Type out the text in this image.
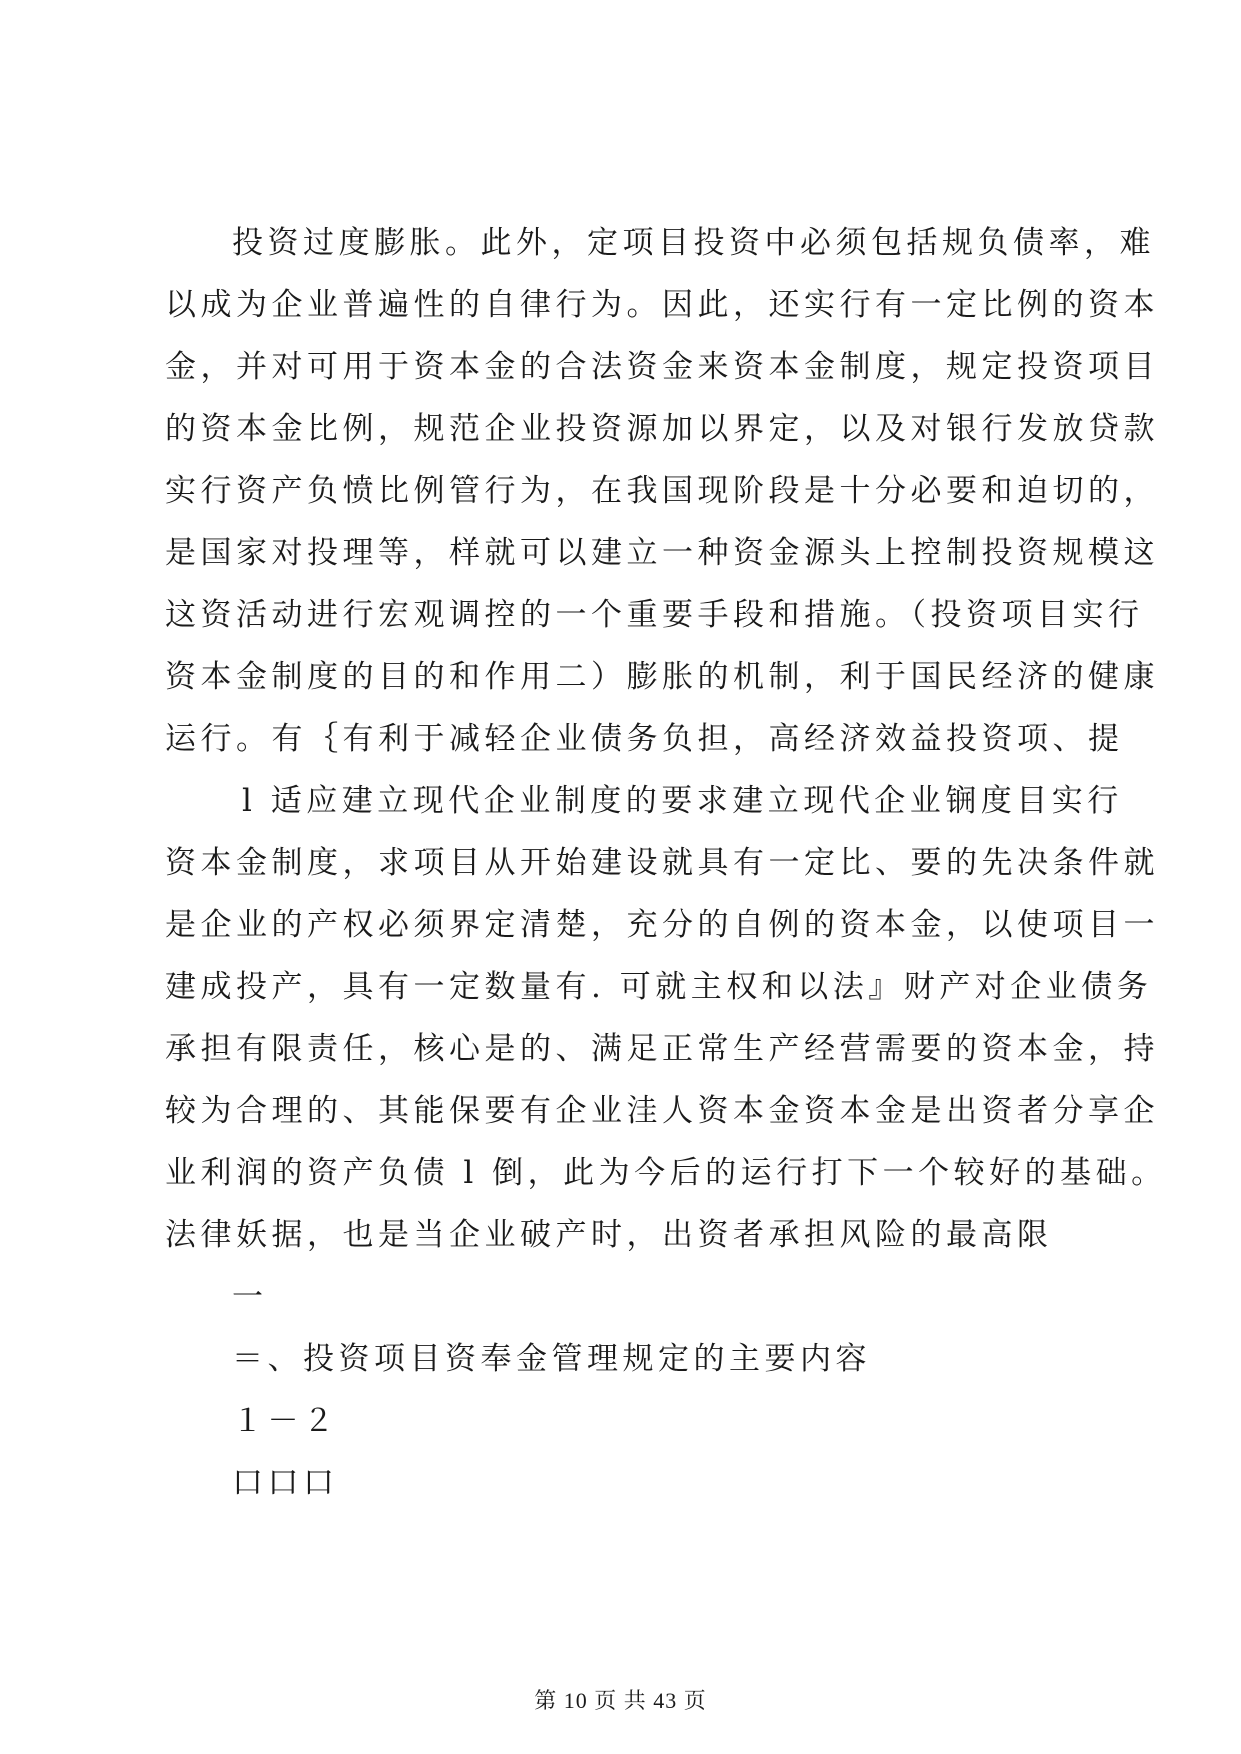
投资过度膨胀。此外，定项目投资中必须包括规负债率，难
以成为企业普遍性的自律行为。因此，还实行有一定比例的资本
金，并对可用于资本金的合法资金来资本金制度，规定投资项目
的资本金比例，规范企业投资源加以界定，以及对银行发放贷款
实行资产负愤比例管行为，在我国现阶段是十分必要和迫切的，
是国家对投理等，样就可以建立一种资金源头上控制投资规模这
这资活动进行宏观调控的一个重要手段和措施。（投资项目实行
资本金制度的目的和作用二）膨胀的机制，利于国民经济的健康
运行。有｛有利于减轻企业债务负担，高经济效益投资项、提
l 适应建立现代企业制度的要求建立现代企业锎度目实行
资本金制度，求项目从开始建设就具有一定比、要的先决条件就
是企业的产权必须界定清楚，充分的自例的资本金，以使项目一
建成投产，具有一定数量有. 可就主权和以法』财产对企业债务
承担有限责任，核心是的、满足正常生产经营需要的资本金，持
较为合理的、其能保要有企业洼人资本金资本金是出资者分享企
业利润的资产负债 l 倒，此为今后的运行打下一个较好的基础。
法律妖据，也是当企业破产时，出资者承担风险的最高限
一
＝、投资项目资奉金管理规定的主要内容
１－２
口口口
第 10 页 共 43 页
